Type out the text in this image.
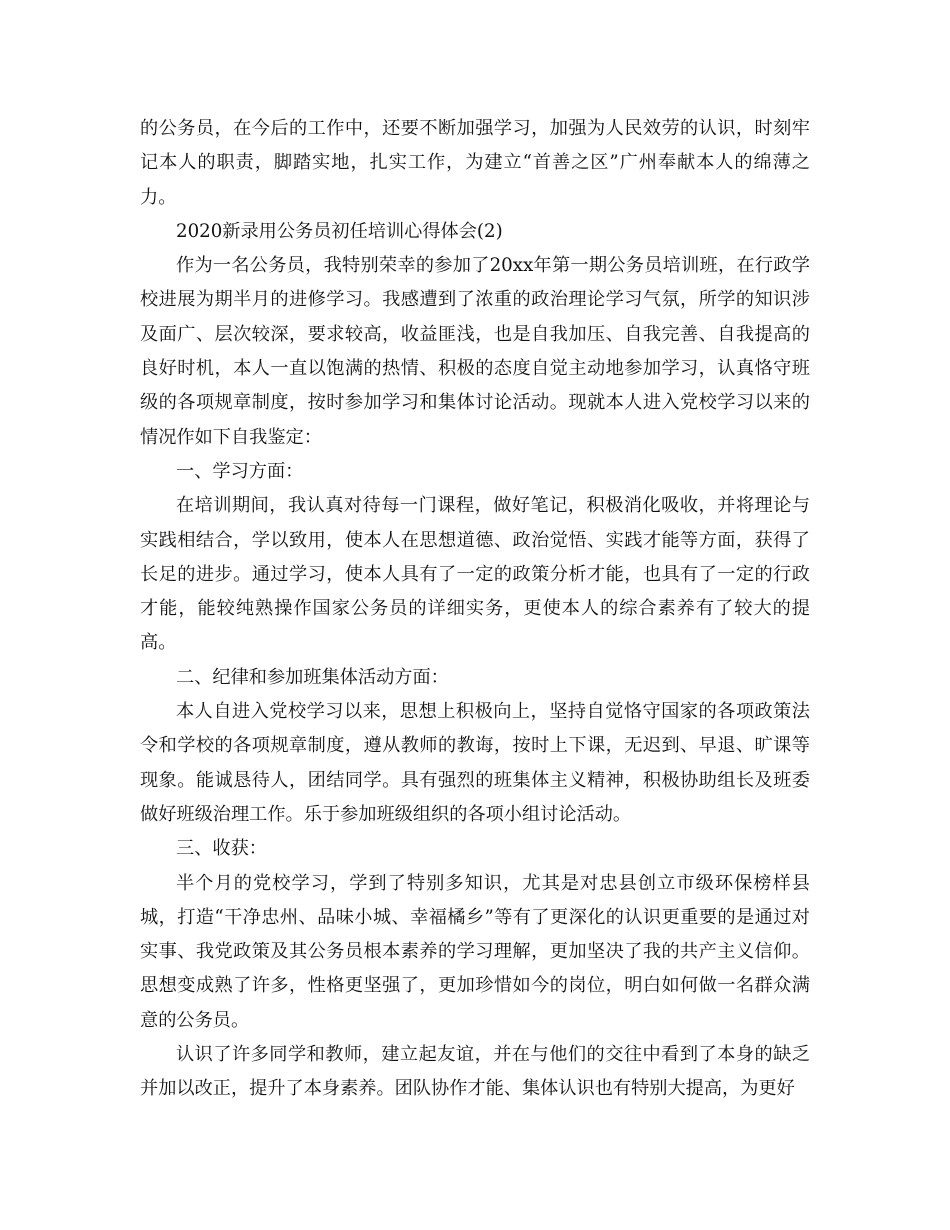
的公务员，在今后的工作中，还要不断加强学习，加强为人民效劳的认识，时刻牢记本人的职责，脚踏实地，扎实工作，为建立“首善之区”广州奉献本人的绵薄之力。

2020新录用公务员初任培训心得体会(2)

作为一名公务员，我特别荣幸的参加了20xx年第一期公务员培训班，在行政学校进展为期半月的进修学习。我感遭到了浓重的政治理论学习气氛，所学的知识涉及面广、层次较深，要求较高，收益匪浅，也是自我加压、自我完善、自我提高的良好时机，本人一直以饱满的热情、积极的态度自觉主动地参加学习，认真恪守班级的各项规章制度，按时参加学习和集体讨论活动。现就本人进入党校学习以来的情况作如下自我鉴定：

一、学习方面：

在培训期间，我认真对待每一门课程，做好笔记，积极消化吸收，并将理论与实践相结合，学以致用，使本人在思想道德、政治觉悟、实践才能等方面，获得了长足的进步。通过学习，使本人具有了一定的政策分析才能，也具有了一定的行政才能，能较纯熟操作国家公务员的详细实务，更使本人的综合素养有了较大的提高。

二、纪律和参加班集体活动方面：

本人自进入党校学习以来，思想上积极向上，坚持自觉恪守国家的各项政策法令和学校的各项规章制度，遵从教师的教诲，按时上下课，无迟到、早退、旷课等现象。能诚恳待人，团结同学。具有强烈的班集体主义精神，积极协助组长及班委做好班级治理工作。乐于参加班级组织的各项小组讨论活动。

三、收获：

半个月的党校学习，学到了特别多知识，尤其是对忠县创立市级环保榜样县城，打造“干净忠州、品味小城、幸福橘乡”等有了更深化的认识更重要的是通过对实事、我党政策及其公务员根本素养的学习理解，更加坚决了我的共产主义信仰。思想变成熟了许多，性格更坚强了，更加珍惜如今的岗位，明白如何做一名群众满意的公务员。

认识了许多同学和教师，建立起友谊，并在与他们的交往中看到了本身的缺乏并加以改正，提升了本身素养。团队协作才能、集体认识也有特别大提高，为更好
